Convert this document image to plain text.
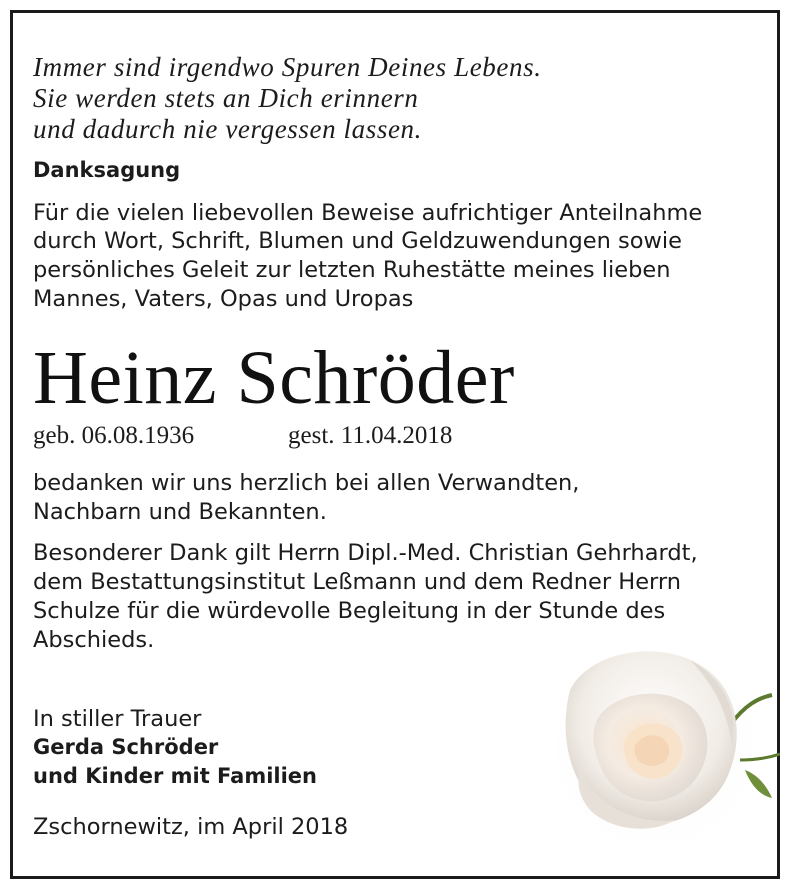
Immer sind irgendwo Spuren Deines Lebens.
Sie werden stets an Dich erinnern
und dadurch nie vergessen lassen.
Danksagung
Für die vielen liebevollen Beweise aufrichtiger Anteilnahme
durch Wort, Schrift, Blumen und Geldzuwendungen sowie
persönliches Geleit zur letzten Ruhestätte meines lieben
Mannes, Vaters, Opas und Uropas
Heinz Schröder
geb. 06.08.1936	gest. 11.04.2018
bedanken wir uns herzlich bei allen Verwandten,
Nachbarn und Bekannten.
Besonderer Dank gilt Herrn Dipl.-Med. Christian Gehrhardt,
dem Bestattungsinstitut Leßmann und dem Redner Herrn
Schulze für die würdevolle Begleitung in der Stunde des
Abschieds.
In stiller Trauer
Gerda Schröder
und Kinder mit Familien
Zschornewitz, im April 2018
